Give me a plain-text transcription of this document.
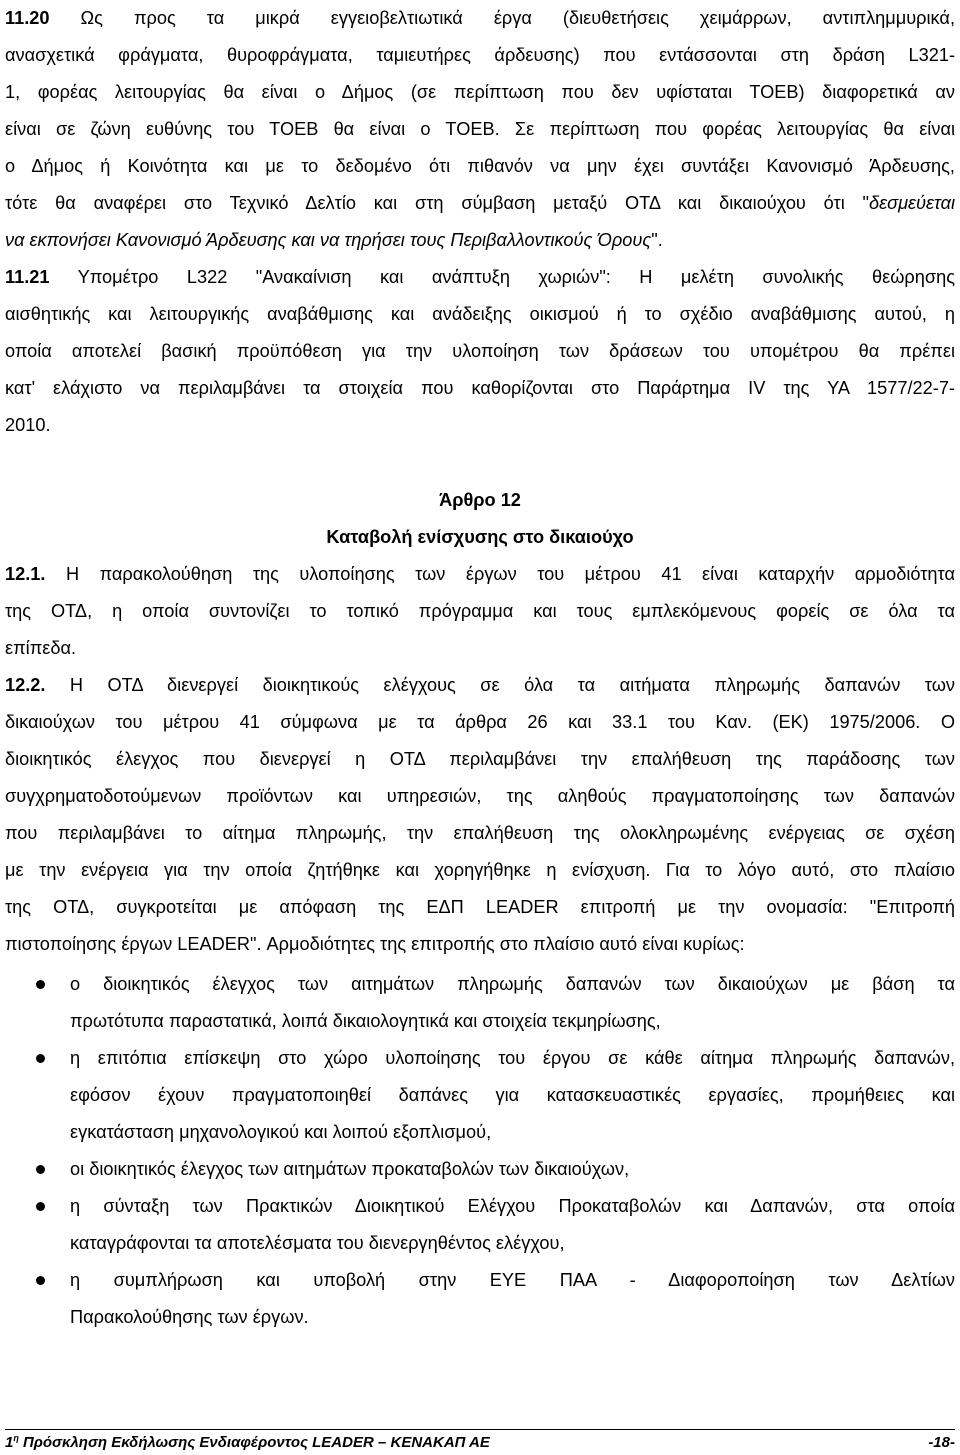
11.20 Ως προς τα μικρά εγγειοβελτιωτικά έργα (διευθετήσεις χειμάρρων, αντιπλημμυρικά,
ανασχετικά φράγματα, θυροφράγματα, ταμιευτήρες άρδευσης) που εντάσσονται στη δράση L321-
1, φορέας λειτουργίας θα είναι ο Δήμος (σε περίπτωση που δεν υφίσταται ΤΟΕΒ) διαφορετικά αν
είναι σε ζώνη ευθύνης του ΤΟΕΒ θα είναι ο ΤΟΕΒ. Σε περίπτωση που φορέας λειτουργίας θα είναι
ο Δήμος ή Κοινότητα και με το δεδομένο ότι πιθανόν να μην έχει συντάξει Κανονισμό Άρδευσης,
τότε θα αναφέρει στο Τεχνικό Δελτίο και στη σύμβαση μεταξύ ΟΤΔ και δικαιούχου ότι "δεσμεύεται
να εκπονήσει Κανονισμό Άρδευσης και να τηρήσει τους Περιβαλλοντικούς Όρους".
11.21 Υπομέτρο L322 "Ανακαίνιση και ανάπτυξη χωριών": Η μελέτη συνολικής θεώρησης
αισθητικής και λειτουργικής αναβάθμισης και ανάδειξης οικισμού ή το σχέδιο αναβάθμισης αυτού, η
οποία αποτελεί βασική προϋπόθεση για την υλοποίηση των δράσεων του υπομέτρου θα πρέπει
κατ' ελάχιστο να περιλαμβάνει τα στοιχεία που καθορίζονται στο Παράρτημα IV της ΥΑ 1577/22-7-
2010.
Άρθρο 12
Καταβολή ενίσχυσης στο δικαιούχο
12.1. Η παρακολούθηση της υλοποίησης των έργων του μέτρου 41 είναι καταρχήν αρμοδιότητα
της ΟΤΔ, η οποία συντονίζει το τοπικό πρόγραμμα και τους εμπλεκόμενους φορείς σε όλα τα
επίπεδα.
12.2. Η ΟΤΔ διενεργεί διοικητικούς ελέγχους σε όλα τα αιτήματα πληρωμής δαπανών των
δικαιούχων του μέτρου 41 σύμφωνα με τα άρθρα 26 και 33.1 του Καν. (ΕΚ) 1975/2006. Ο
διοικητικός έλεγχος που διενεργεί η ΟΤΔ περιλαμβάνει την επαλήθευση της παράδοσης των
συγχρηματοδοτούμενων προϊόντων και υπηρεσιών, της αληθούς πραγματοποίησης των δαπανών
που περιλαμβάνει το αίτημα πληρωμής, την επαλήθευση της ολοκληρωμένης ενέργειας σε σχέση
με την ενέργεια για την οποία ζητήθηκε και χορηγήθηκε η ενίσχυση. Για το λόγο αυτό, στο πλαίσιο
της ΟΤΔ, συγκροτείται με απόφαση της ΕΔΠ LEADER επιτροπή με την ονομασία: "Επιτροπή
πιστοποίησης έργων LEADER". Αρμοδιότητες της επιτροπής στο πλαίσιο αυτό είναι κυρίως:
ο διοικητικός έλεγχος των αιτημάτων πληρωμής δαπανών των δικαιούχων με βάση τα
πρωτότυπα παραστατικά, λοιπά δικαιολογητικά και στοιχεία τεκμηρίωσης,
η επιτόπια επίσκεψη στο χώρο υλοποίησης του έργου σε κάθε αίτημα πληρωμής δαπανών,
εφόσον έχουν πραγματοποιηθεί δαπάνες για κατασκευαστικές εργασίες, προμήθειες και
εγκατάσταση μηχανολογικού και λοιπού εξοπλισμού,
οι διοικητικός έλεγχος των αιτημάτων προκαταβολών των δικαιούχων,
η σύνταξη των Πρακτικών Διοικητικού Ελέγχου Προκαταβολών και Δαπανών, στα οποία
καταγράφονται τα αποτελέσματα του διενεργηθέντος ελέγχου,
η συμπλήρωση και υποβολή στην ΕΥΕ ΠΑΑ - Διαφοροποίηση των Δελτίων
Παρακολούθησης των έργων.
$1^\eta$ Πρόσκληση Εκδήλωσης Ενδιαφέροντος LEADER – ΚΕΝΑΚΑΠ ΑΕ	-18-
